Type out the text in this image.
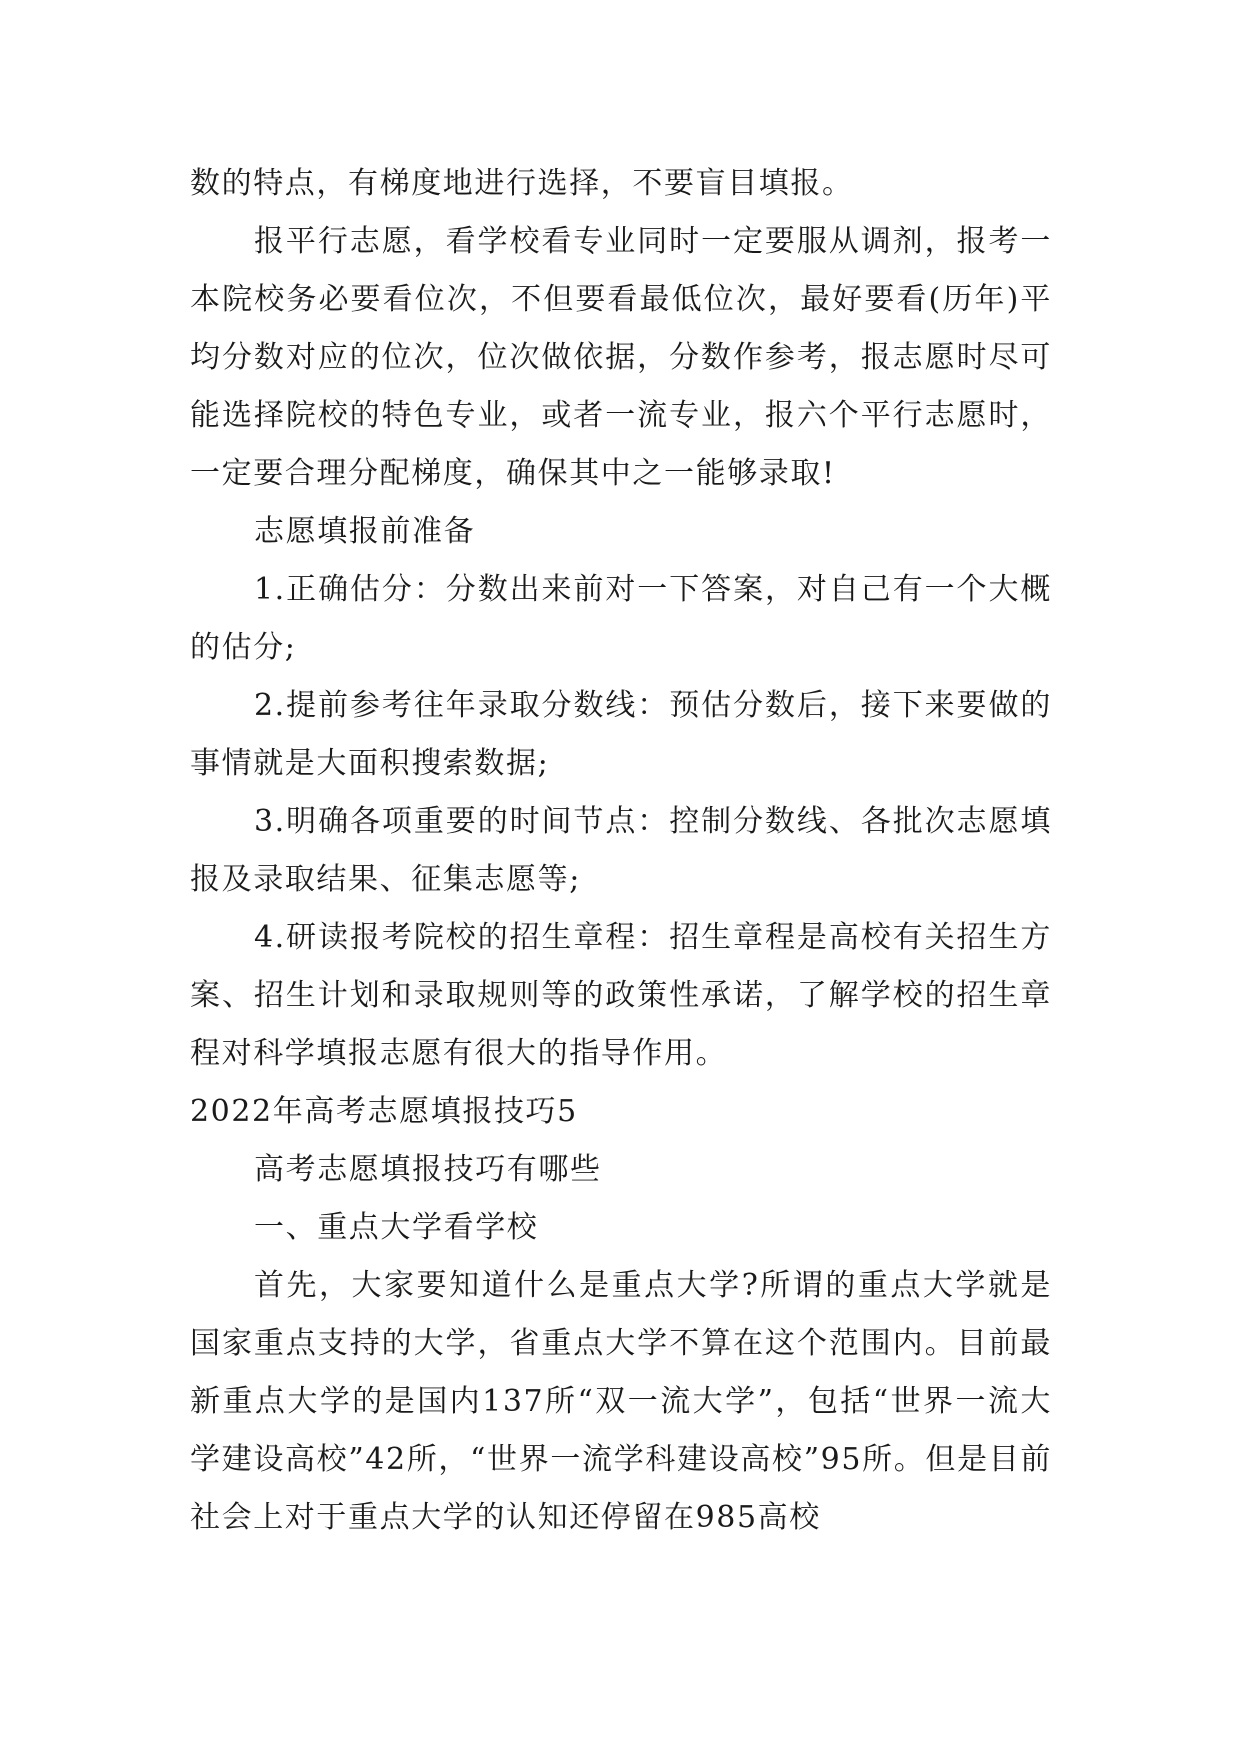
数的特点，有梯度地进行选择，不要盲目填报。

报平行志愿，看学校看专业同时一定要服从调剂，报考一本院校务必要看位次，不但要看最低位次，最好要看(历年)平均分数对应的位次，位次做依据，分数作参考，报志愿时尽可能选择院校的特色专业，或者一流专业，报六个平行志愿时，一定要合理分配梯度，确保其中之一能够录取!

志愿填报前准备

1.正确估分：分数出来前对一下答案，对自己有一个大概的估分;

2.提前参考往年录取分数线：预估分数后，接下来要做的事情就是大面积搜索数据;

3.明确各项重要的时间节点：控制分数线、各批次志愿填报及录取结果、征集志愿等;

4.研读报考院校的招生章程：招生章程是高校有关招生方案、招生计划和录取规则等的政策性承诺，了解学校的招生章程对科学填报志愿有很大的指导作用。

2022年高考志愿填报技巧5

高考志愿填报技巧有哪些

一、重点大学看学校

首先，大家要知道什么是重点大学?所谓的重点大学就是国家重点支持的大学，省重点大学不算在这个范围内。目前最新重点大学的是国内137所“双一流大学”，包括“世界一流大学建设高校”42所，“世界一流学科建设高校”95所。但是目前社会上对于重点大学的认知还停留在985高校
